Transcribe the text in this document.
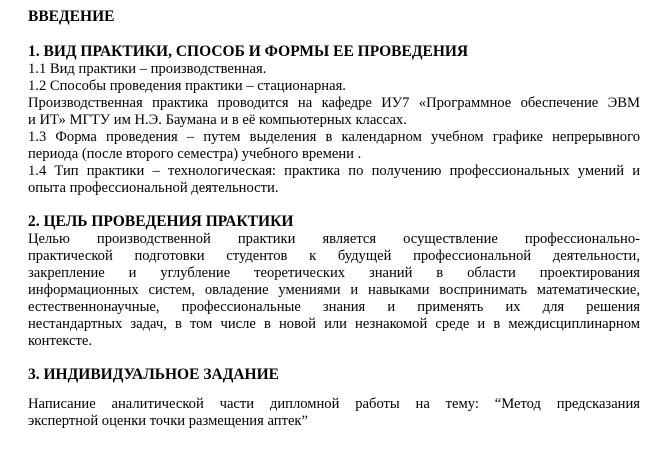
ВВЕДЕНИЕ
1. ВИД ПРАКТИКИ, СПОСОБ И ФОРМЫ ЕЕ ПРОВЕДЕНИЯ
1.1 Вид практики – производственная.
1.2 Способы проведения практики – стационарная.
Производственная практика проводится на кафедре ИУ7 «Программное обеспечение ЭВМ
и ИТ» МГТУ им Н.Э. Баумана и в её компьютерных классах.
1.3 Форма проведения – путем выделения в календарном учебном графике непрерывного
периода (после второго семестра) учебного времени .
1.4 Тип практики – технологическая: практика по получению профессиональных умений и
опыта профессиональной деятельности.
2. ЦЕЛЬ ПРОВЕДЕНИЯ ПРАКТИКИ
Целью производственной практики является осуществление профессионально-
практической подготовки студентов к будущей профессиональной деятельности,
закрепление и углубление теоретических знаний в области проектирования
информационных систем, овладение умениями и навыками воспринимать математические,
естественнонаучные, профессиональные знания и применять их для решения
нестандартных задач, в том числе в новой или незнакомой среде и в междисциплинарном
контексте.
3. ИНДИВИДУАЛЬНОЕ ЗАДАНИЕ
Написание аналитической части дипломной работы на тему: “Метод предсказания
экспертной оценки точки размещения аптек”
